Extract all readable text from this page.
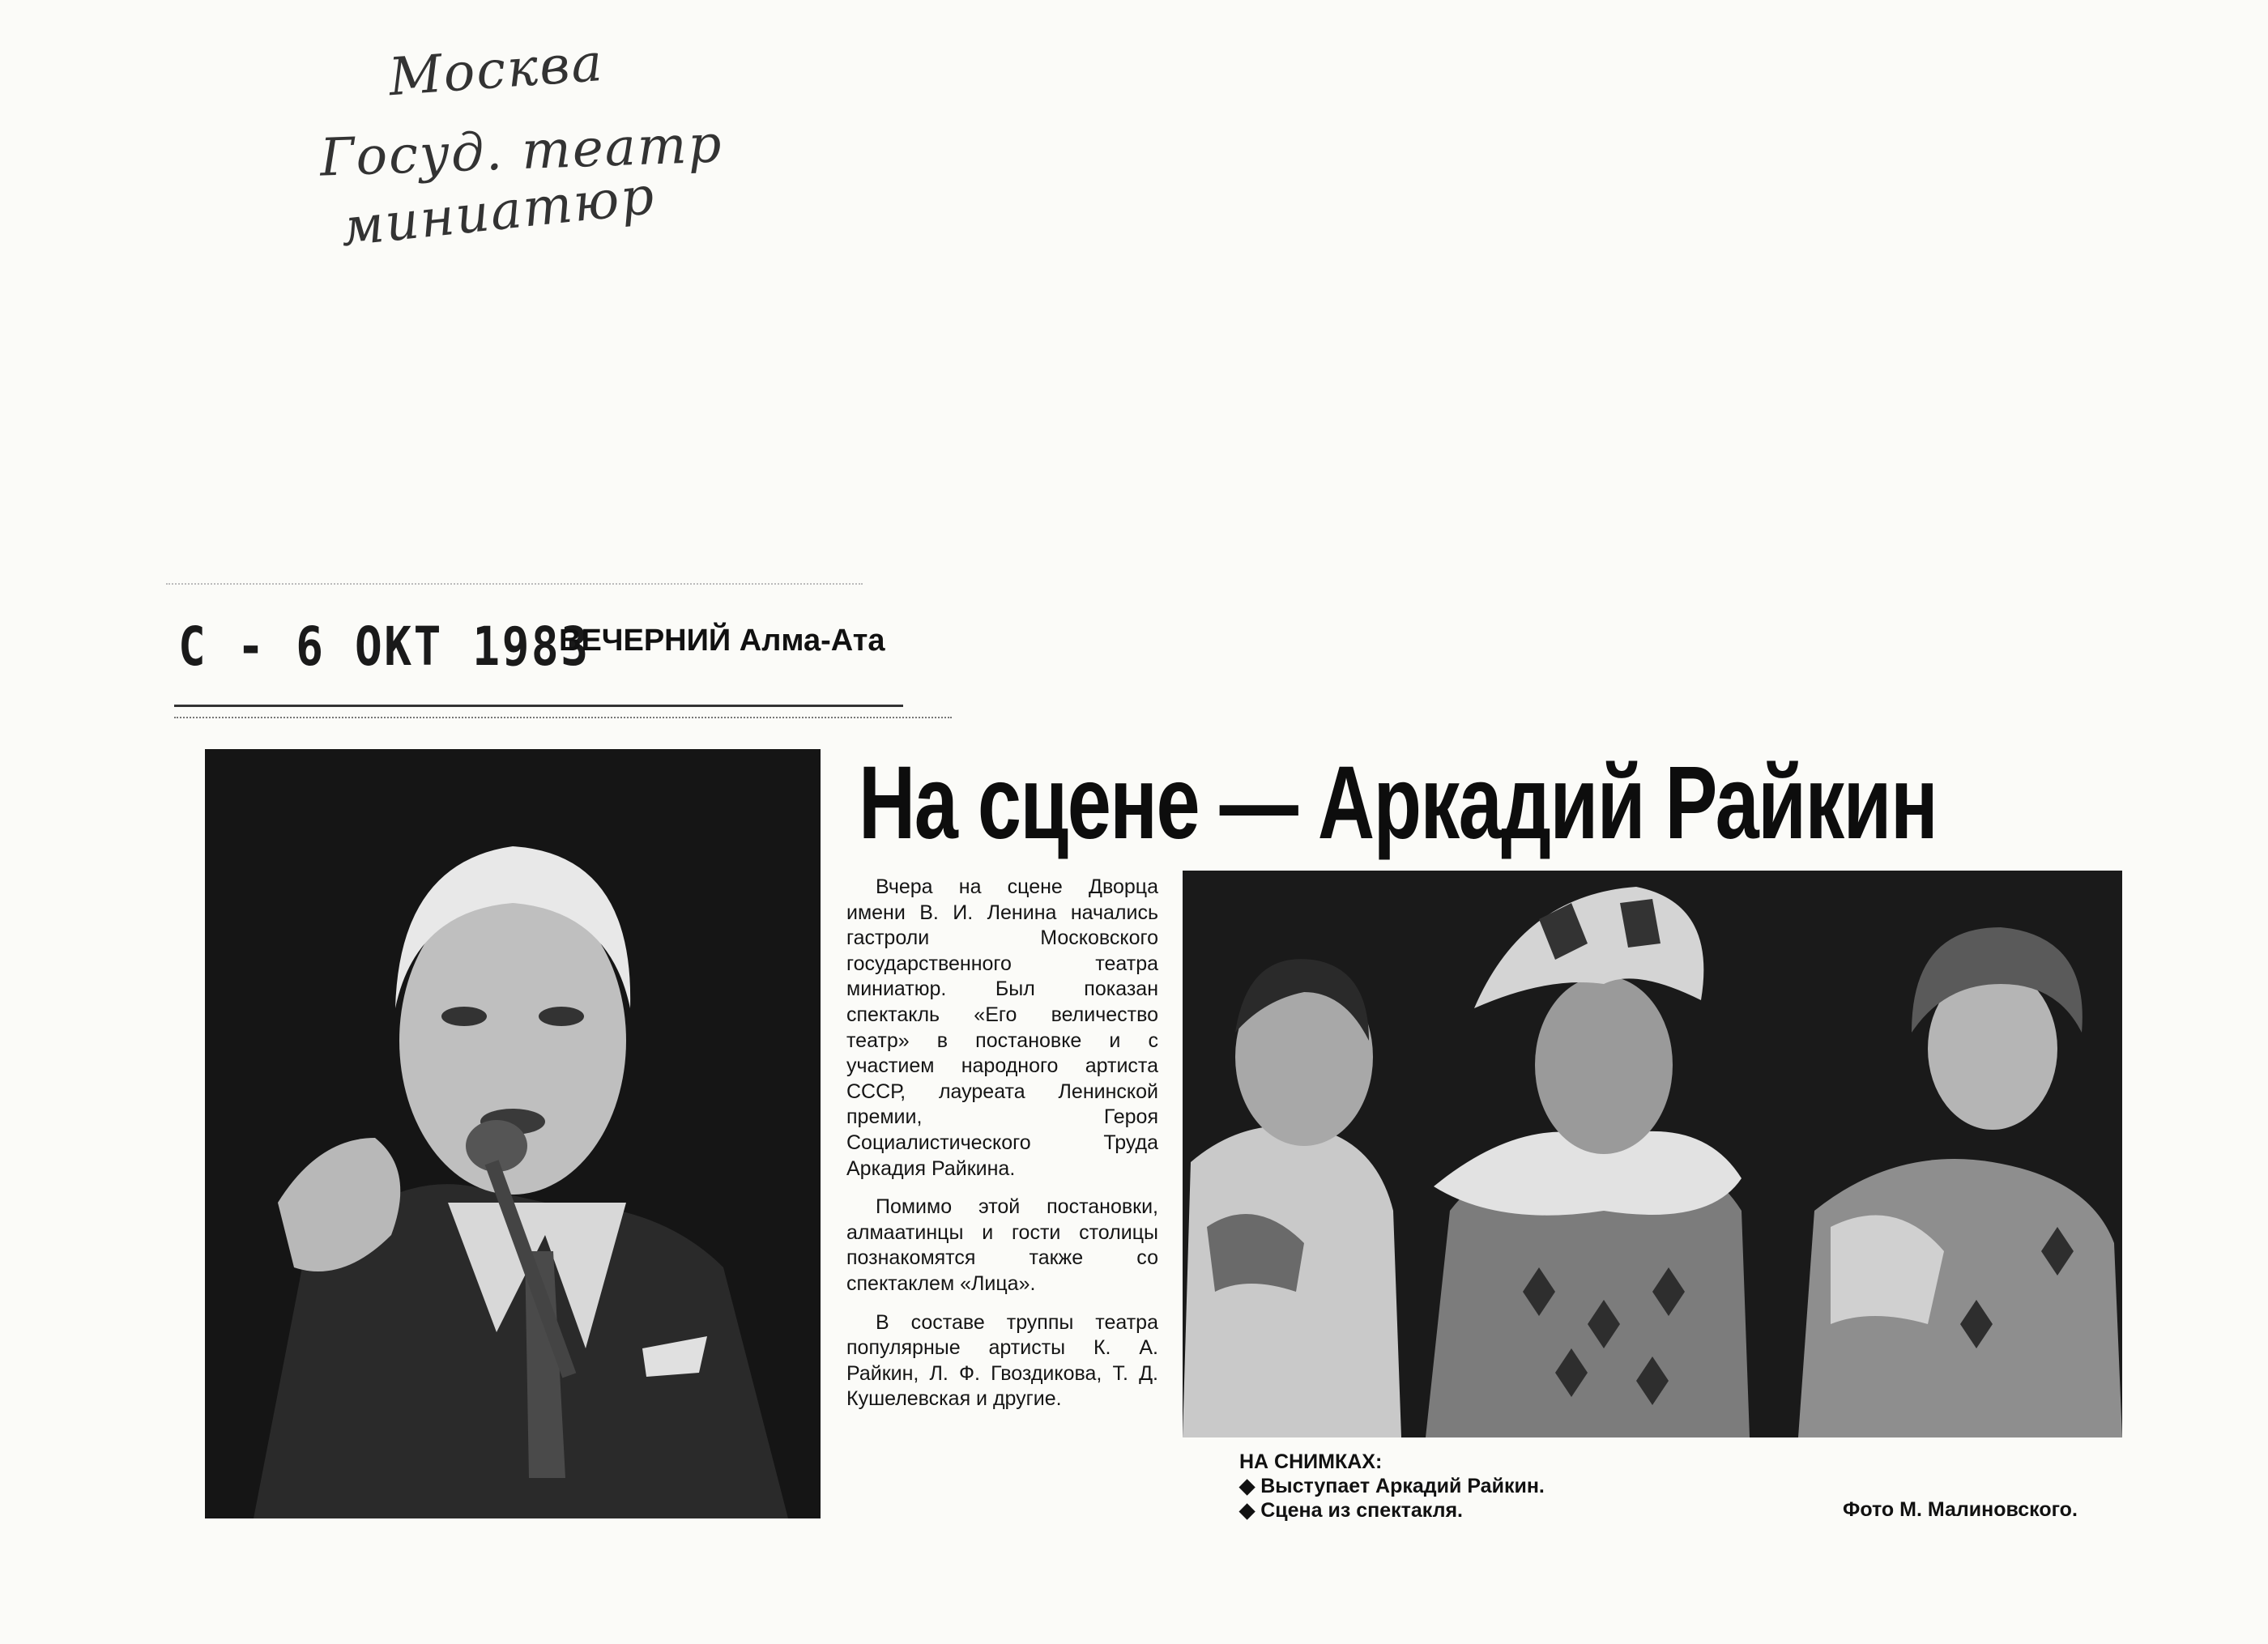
Москва
Госуд. театр
миниатюр
С - 6 ОКТ 1983
ВЕЧЕРНИЙ Алма-Ата
На сцене — Аркадий Райкин

Вчера на сцене Дворца имени В. И. Ленина начались гастроли Московского государственного театра миниатюр. Был показан спектакль «Его величество театр» в постановке и с участием народного артиста СССР, лауреата Ленинской премии, Героя Социалистического Труда Аркадия Райкина.

Помимо этой постановки, алмаатинцы и гости столицы познакомятся также со спектаклем «Лица».

В составе труппы театра популярные артисты К. А. Райкин, Л. Ф. Гвоздикова, Т. Д. Кушелевская и другие.

НА СНИМКАХ:
◆ Выступает Аркадий Райкин.
◆ Сцена из спектакля.	Фото М. Малиновского.
